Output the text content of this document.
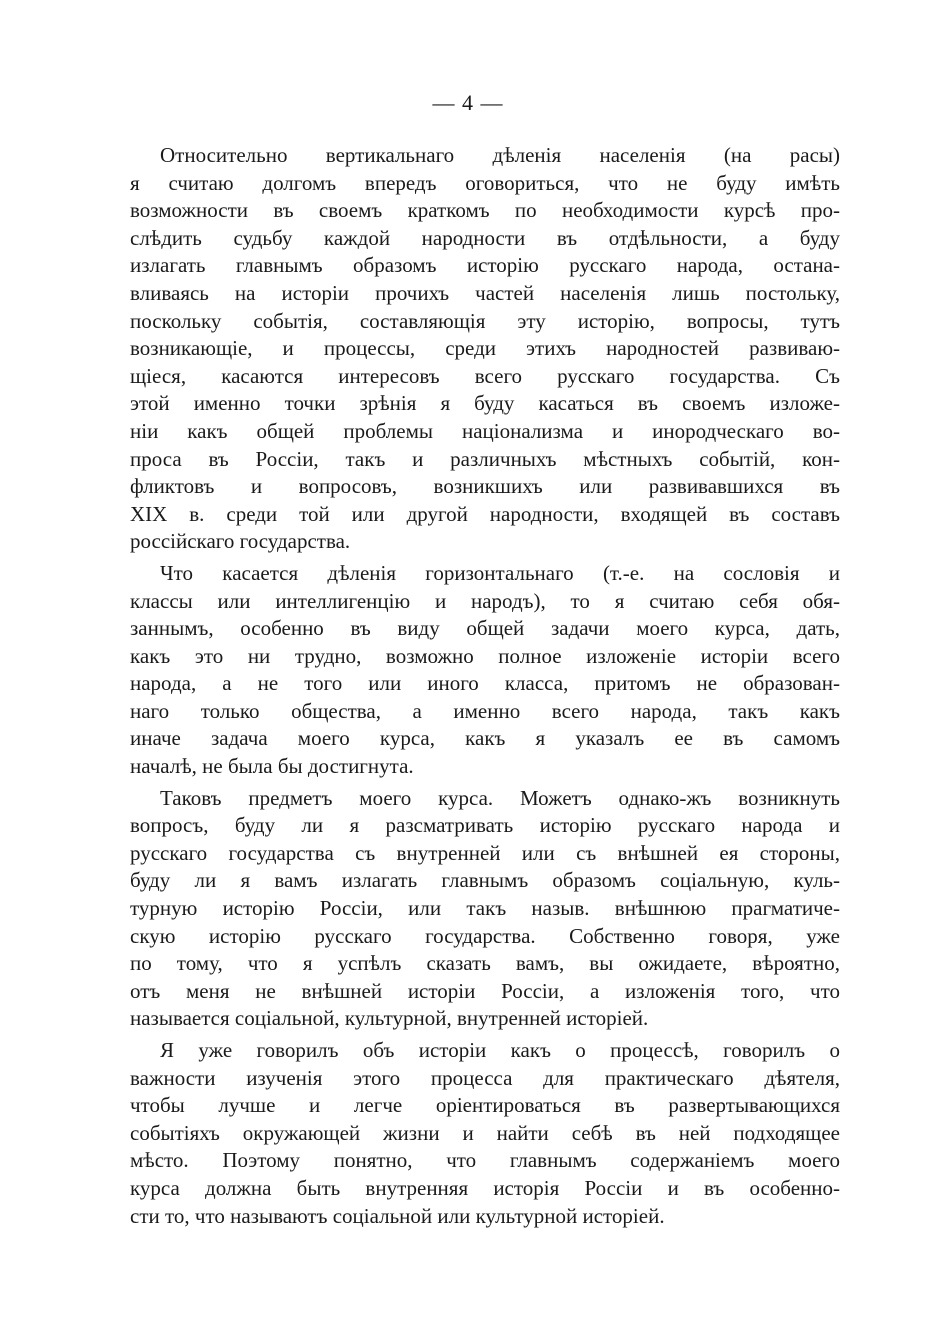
— 4 —

Относительно вертикальнаго дѣленія населенія (на расы)
я считаю долгомъ впередъ оговориться, что не буду имѣть
возможности въ своемъ краткомъ по необходимости курсѣ про-
слѣдить судьбу каждой народности въ отдѣльности, а буду
излагать главнымъ образомъ исторію русскаго народа, остана-
вливаясь на исторіи прочихъ частей населенія лишь постольку,
поскольку событія, составляющія эту исторію, вопросы, тутъ
возникающіе, и процессы, среди этихъ народностей развиваю-
щіеся, касаются интересовъ всего русскаго государства. Съ
этой именно точки зрѣнія я буду касаться въ своемъ изложе-
ніи какъ общей проблемы націонализма и инородческаго во-
проса въ Россіи, такъ и различныхъ мѣстныхъ событій, кон-
фликтовъ и вопросовъ, возникшихъ или развивавшихся въ
XIX в. среди той или другой народности, входящей въ составъ
россійскаго государства.

Что касается дѣленія горизонтальнаго (т.-е. на сословія и
классы или интеллигенцію и народъ), то я считаю себя обя-
заннымъ, особенно въ виду общей задачи моего курса, дать,
какъ это ни трудно, возможно полное изложеніе исторіи всего
народа, а не того или иного класса, притомъ не образован-
наго только общества, а именно всего народа, такъ какъ
иначе задача моего курса, какъ я указалъ ее въ самомъ
началѣ, не была бы достигнута.

Таковъ предметъ моего курса. Можетъ однако-жъ возникнуть
вопросъ, буду ли я разсматривать исторію русскаго народа и
русскаго государства съ внутренней или съ внѣшней ея стороны,
буду ли я вамъ излагать главнымъ образомъ соціальную, куль-
турную исторію Россіи, или такъ назыв. внѣшнюю прагматиче-
скую исторію русскаго государства. Собственно говоря, уже
по тому, что я успѣлъ сказать вамъ, вы ожидаете, вѣроятно,
отъ меня не внѣшней исторіи Россіи, а изложенія того, что
называется соціальной, культурной, внутренней исторіей.

Я уже говорилъ объ исторіи какъ о процессѣ, говорилъ о
важности изученія этого процесса для практическаго дѣятеля,
чтобы лучше и легче оріентироваться въ развертывающихся
событіяхъ окружающей жизни и найти себѣ въ ней подходящее
мѣсто. Поэтому понятно, что главнымъ содержаніемъ моего
курса должна быть внутренняя исторія Россіи и въ особенно-
сти то, что называютъ соціальной или культурной исторіей.
